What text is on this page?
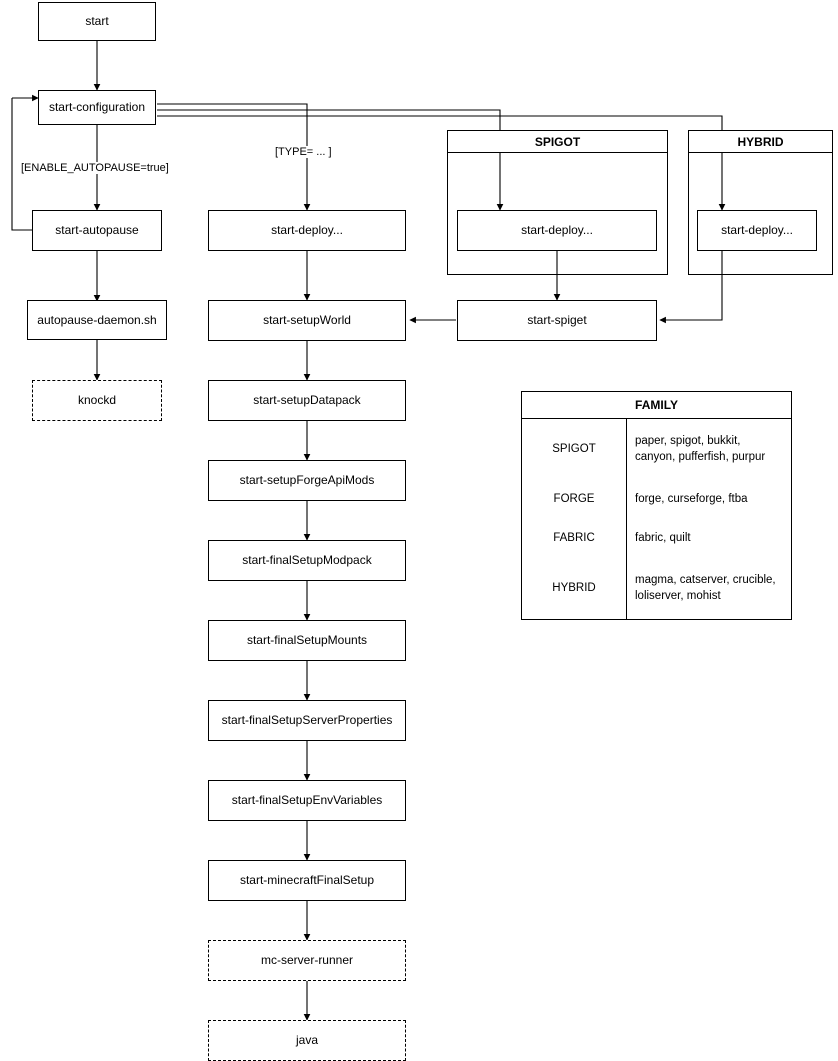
start
start-configuration
[ENABLE_AUTOPAUSE=true]
start-autopause
autopause-daemon.sh
knockd
[TYPE= ... ]
start-deploy...
start-setupWorld
start-setupDatapack
start-setupForgeApiMods
start-finalSetupModpack
start-finalSetupMounts
start-finalSetupServerProperties
start-finalSetupEnvVariables
start-minecraftFinalSetup
mc-server-runner
java
SPIGOT
start-deploy...
HYBRID
start-deploy...
start-spiget
FAMILY	
SPIGOT	paper, spigot, bukkit, canyon, pufferfish, purpur
FORGE	forge, curseforge, ftba
FABRIC	fabric, quilt
HYBRID	magma, catserver, crucible, loliserver, mohist
